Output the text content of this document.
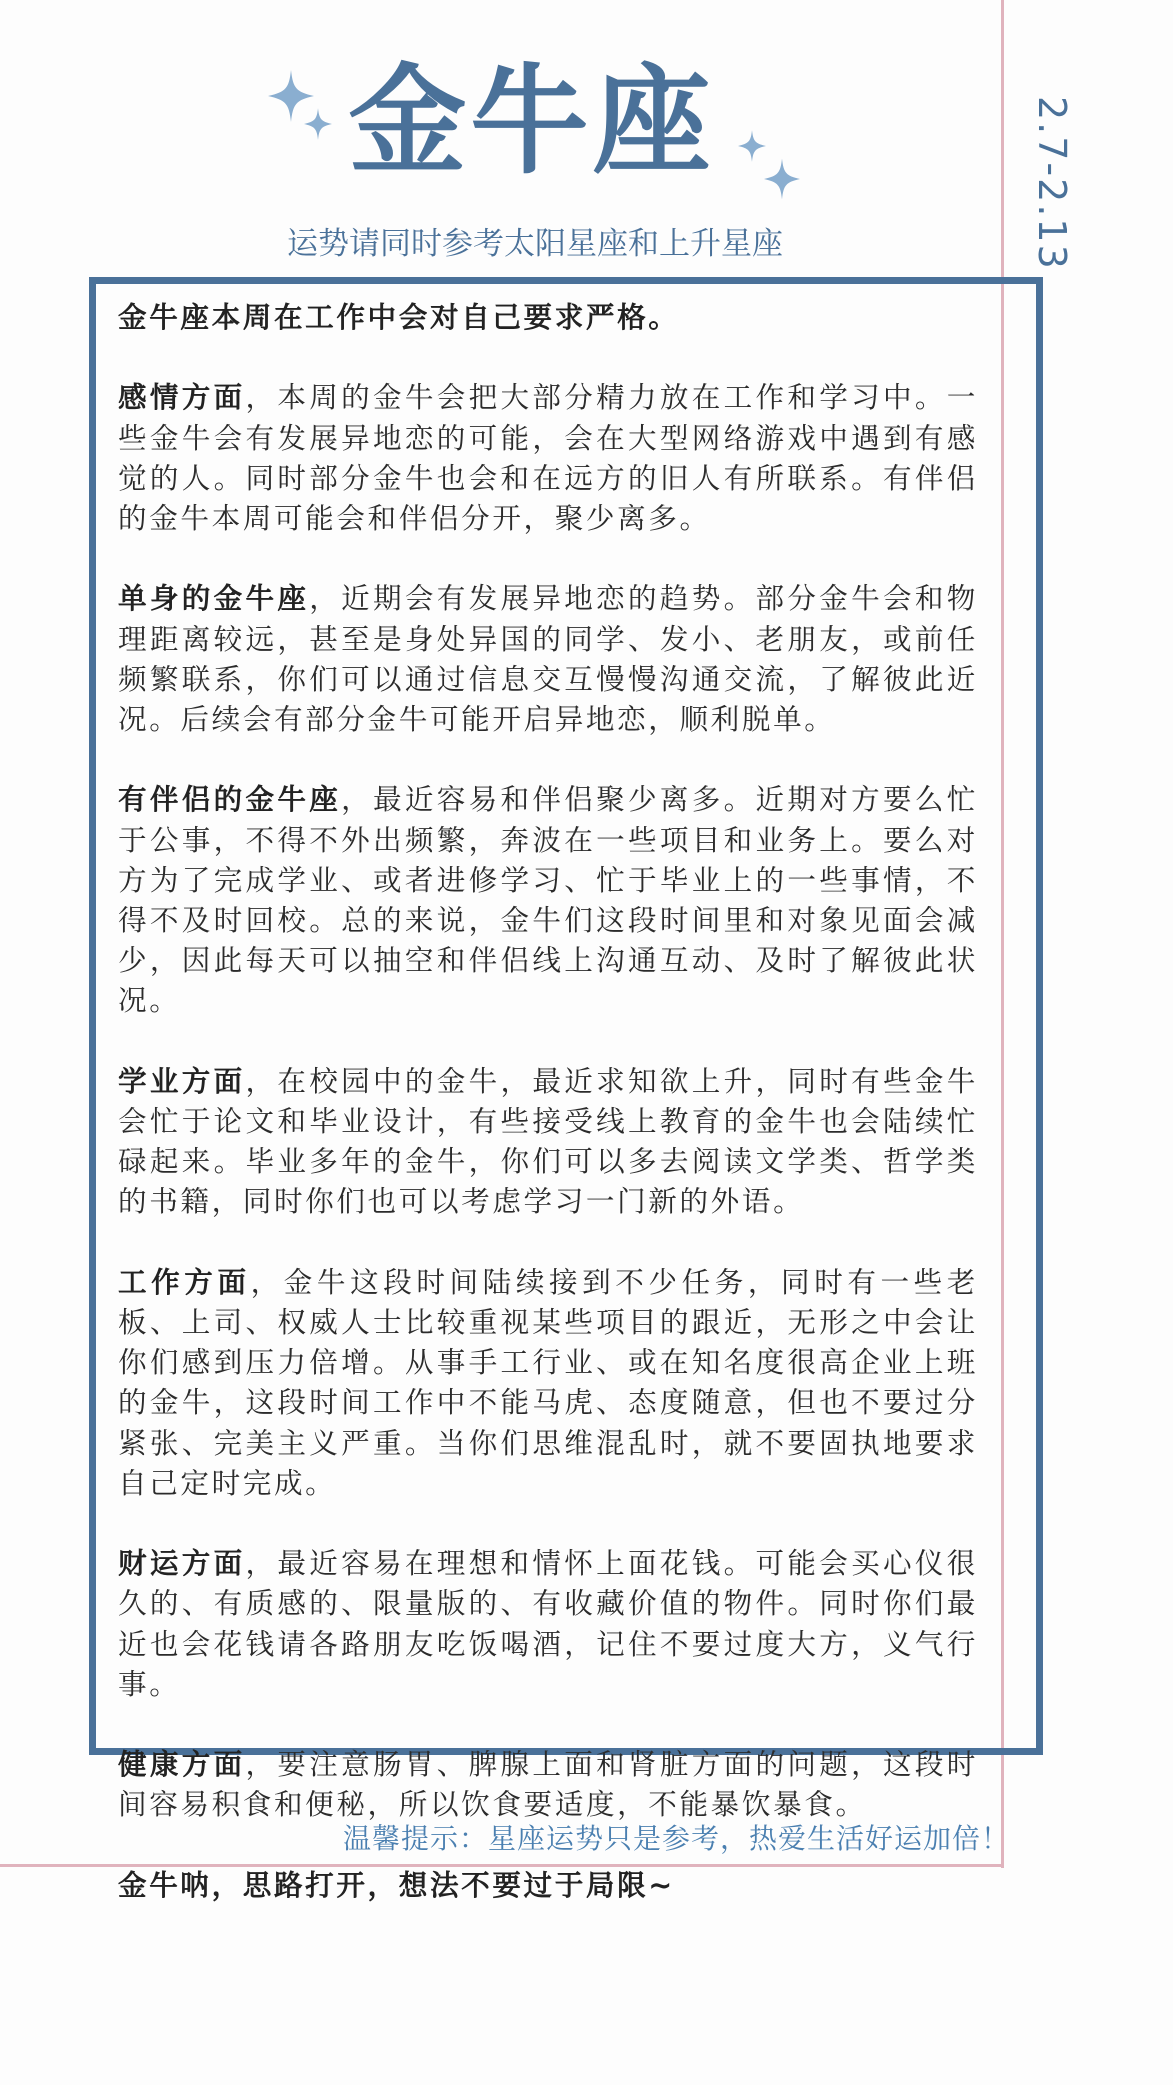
金牛座
运势请同时参考太阳星座和上升星座	2.7-2.13

金牛座本周在工作中会对自己要求严格。

感情方面，本周的金牛会把大部分精力放在工作和学习中。一些金牛会有发展异地恋的可能，会在大型网络游戏中遇到有感觉的人。同时部分金牛也会和在远方的旧人有所联系。有伴侣的金牛本周可能会和伴侣分开，聚少离多。

单身的金牛座，近期会有发展异地恋的趋势。部分金牛会和物理距离较远，甚至是身处异国的同学、发小、老朋友，或前任频繁联系，你们可以通过信息交互慢慢沟通交流，了解彼此近况。后续会有部分金牛可能开启异地恋，顺利脱单。

有伴侣的金牛座，最近容易和伴侣聚少离多。近期对方要么忙于公事，不得不外出频繁，奔波在一些项目和业务上。要么对方为了完成学业、或者进修学习、忙于毕业上的一些事情，不得不及时回校。总的来说，金牛们这段时间里和对象见面会减少，因此每天可以抽空和伴侣线上沟通互动、及时了解彼此状况。

学业方面，在校园中的金牛，最近求知欲上升，同时有些金牛会忙于论文和毕业设计，有些接受线上教育的金牛也会陆续忙碌起来。毕业多年的金牛，你们可以多去阅读文学类、哲学类的书籍，同时你们也可以考虑学习一门新的外语。

工作方面，金牛这段时间陆续接到不少任务，同时有一些老板、上司、权威人士比较重视某些项目的跟近，无形之中会让你们感到压力倍增。从事手工行业、或在知名度很高企业上班的金牛，这段时间工作中不能马虎、态度随意，但也不要过分紧张、完美主义严重。当你们思维混乱时，就不要固执地要求自己定时完成。

财运方面，最近容易在理想和情怀上面花钱。可能会买心仪很久的、有质感的、限量版的、有收藏价值的物件。同时你们最近也会花钱请各路朋友吃饭喝酒，记住不要过度大方，义气行事。

健康方面，要注意肠胃、脾腺上面和肾脏方面的问题，这段时间容易积食和便秘，所以饮食要适度，不能暴饮暴食。

金牛呐，思路打开，想法不要过于局限~

温馨提示：星座运势只是参考，热爱生活好运加倍！
